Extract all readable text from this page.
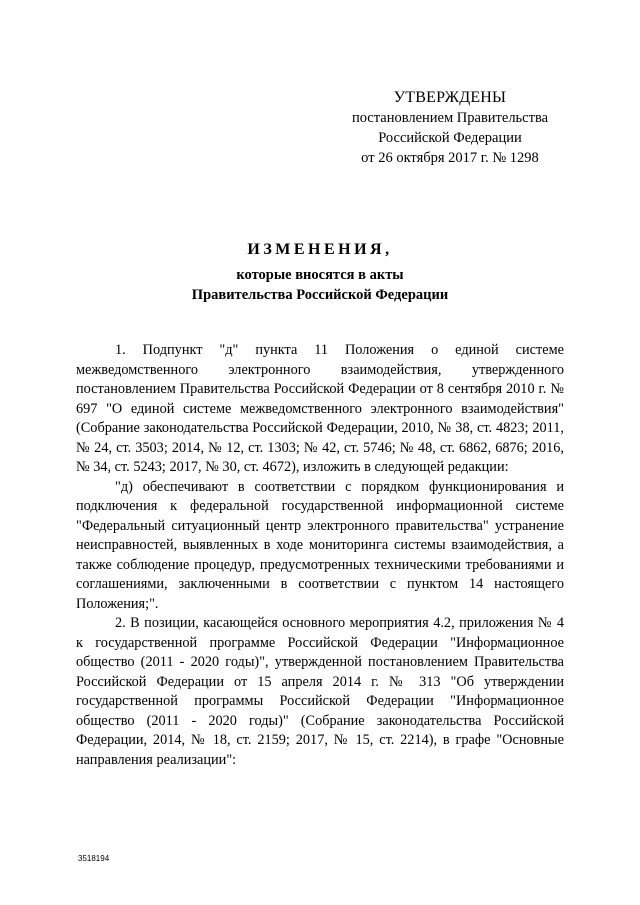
УТВЕРЖДЕНЫ
постановлением Правительства
Российской Федерации
от 26 октября 2017 г. № 1298
ИЗМЕНЕНИЯ,
которые вносятся в акты
Правительства Российской Федерации

1. Подпункт "д" пункта 11 Положения о единой системе межведомственного электронного взаимодействия, утвержденного постановлением Правительства Российской Федерации от 8 сентября 2010 г. № 697 "О единой системе межведомственного электронного взаимодействия" (Собрание законодательства Российской Федерации, 2010, № 38, ст. 4823; 2011, № 24, ст. 3503; 2014, № 12, ст. 1303; № 42, ст. 5746; № 48, ст. 6862, 6876; 2016, № 34, ст. 5243; 2017, № 30, ст. 4672), изложить в следующей редакции:

"д) обеспечивают в соответствии с порядком функционирования и подключения к федеральной государственной информационной системе "Федеральный ситуационный центр электронного правительства" устранение неисправностей, выявленных в ходе мониторинга системы взаимодействия, а также соблюдение процедур, предусмотренных техническими требованиями и соглашениями, заключенными в соответствии с пунктом 14 настоящего Положения;".

2. В позиции, касающейся основного мероприятия 4.2, приложения № 4 к государственной программе Российской Федерации "Информационное общество (2011 - 2020 годы)", утвержденной постановлением Правительства Российской Федерации от 15 апреля 2014 г. № 313 "Об утверждении государственной программы Российской Федерации "Информационное общество (2011 - 2020 годы)" (Собрание законодательства Российской Федерации, 2014, № 18, ст. 2159; 2017, № 15, ст. 2214), в графе "Основные направления реализации":

3518194
